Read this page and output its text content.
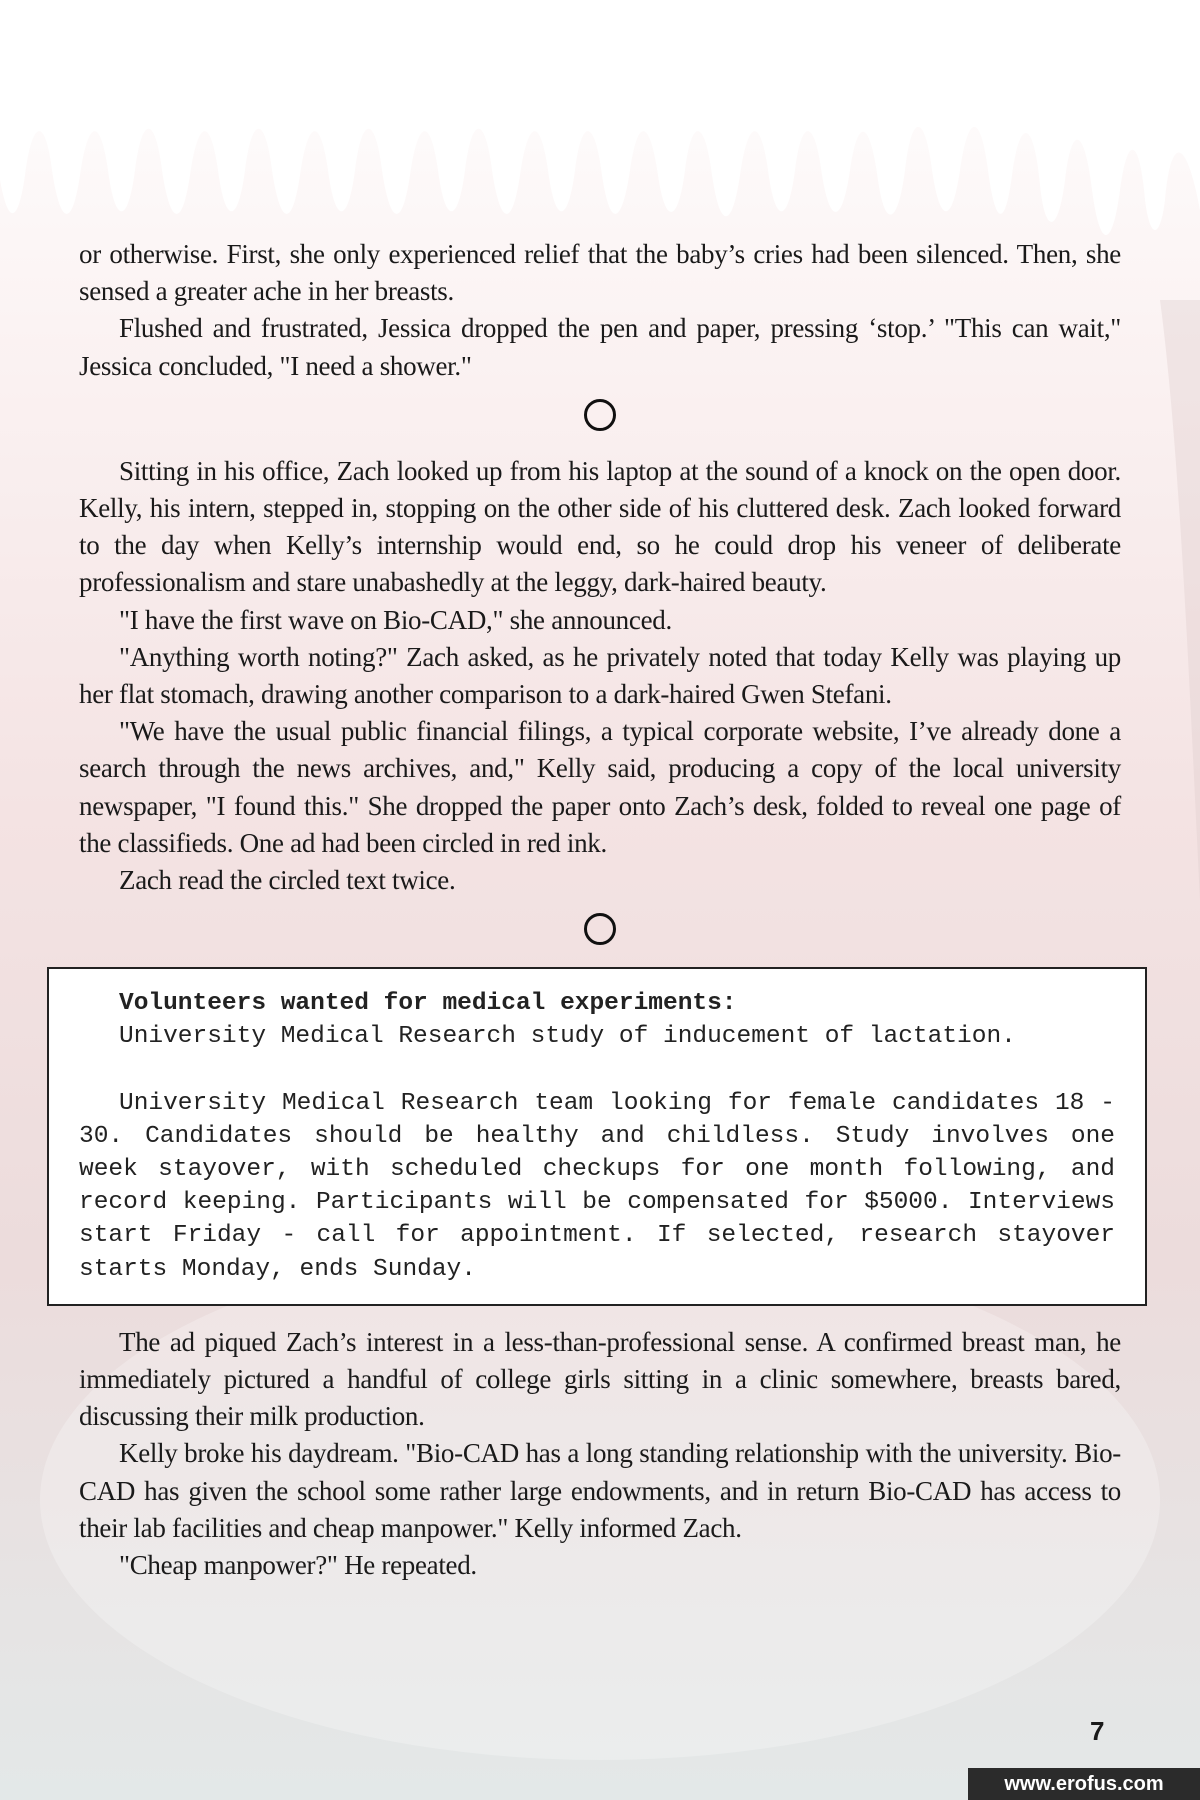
or otherwise. First, she only experienced relief that the baby’s cries had been silenced. Then, she sensed a greater ache in her breasts.

Flushed and frustrated, Jessica dropped the pen and paper, pressing ‘stop.’ "This can wait," Jessica concluded, "I need a shower."

Sitting in his office, Zach looked up from his laptop at the sound of a knock on the open door. Kelly, his intern, stepped in, stopping on the other side of his cluttered desk. Zach looked forward to the day when Kelly’s internship would end, so he could drop his veneer of deliberate professionalism and stare unabashedly at the leggy, dark-haired beauty.

"I have the first wave on Bio-CAD," she announced.

"Anything worth noting?" Zach asked, as he privately noted that today Kelly was playing up her flat stomach, drawing another comparison to a dark-haired Gwen Stefani.

"We have the usual public financial filings, a typical corporate website, I’ve already done a search through the news archives, and," Kelly said, producing a copy of the local university newspaper, "I found this." She dropped the paper onto Zach’s desk, folded to reveal one page of the classifieds. One ad had been circled in red ink.

Zach read the circled text twice.

Volunteers wanted for medical experiments:

University Medical Research study of inducement of lactation.

University Medical Research team looking for female candidates 18 - 30. Candidates should be healthy and childless. Study involves one week stayover, with scheduled checkups for one month following, and record keeping. Participants will be compensated for $5000. Interviews start Friday - call for appointment. If selected, research stayover starts Monday, ends Sunday.

The ad piqued Zach’s interest in a less-than-professional sense. A confirmed breast man, he immediately pictured a handful of college girls sitting in a clinic somewhere, breasts bared, discussing their milk production.

Kelly broke his daydream. "Bio-CAD has a long standing relationship with the university. Bio-CAD has given the school some rather large endowments, and in return Bio-CAD has access to their lab facilities and cheap manpower." Kelly informed Zach.

"Cheap manpower?" He repeated.

7
www.erofus.com
